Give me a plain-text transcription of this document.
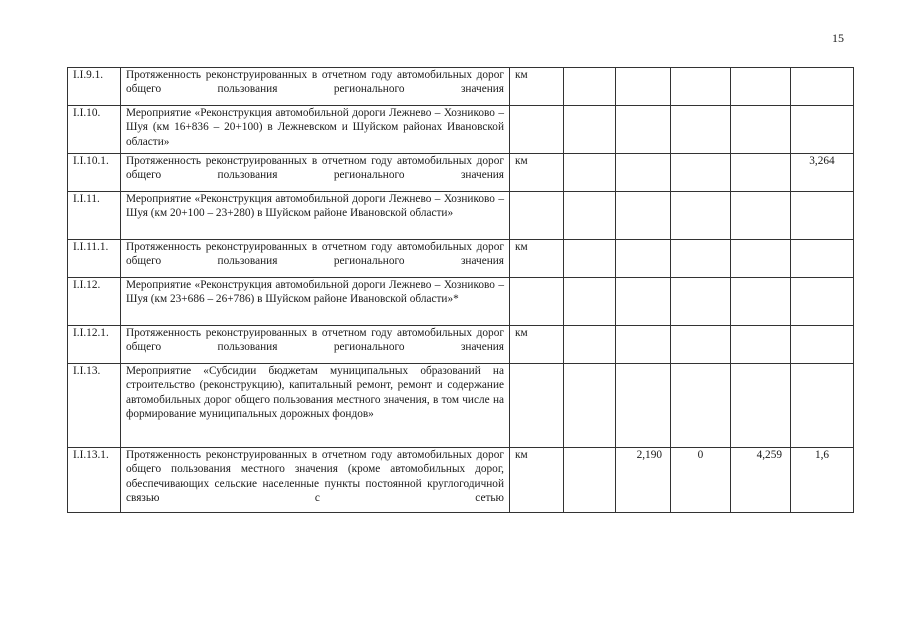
15
I.I.9.1.	Протяженность реконструированных в отчетном году автомобильных дорог общего пользования регионального значения	км						
I.I.10.	Мероприятие «Реконструкция автомобильной дороги Лежнево – Хозниково – Шуя (км 16+836 – 20+100) в Лежневском и Шуйском районах Ивановской области»							
I.I.10.1.	Протяженность реконструированных в отчетном году автомобильных дорог общего пользования регионального значения	км					3,264	
I.I.11.	Мероприятие «Реконструкция автомобильной дороги Лежнево – Хозниково – Шуя (км 20+100 – 23+280) в Шуйском районе Ивановской области»							
I.I.11.1.	Протяженность реконструированных в отчетном году автомобильных дорог общего пользования регионального значения	км						
I.I.12.	Мероприятие «Реконструкция автомобильной дороги Лежнево – Хозниково – Шуя (км 23+686 – 26+786) в Шуйском районе Ивановской области»*							
I.I.12.1.	Протяженность реконструированных в отчетном году автомобильных дорог общего пользования регионального значения	км						
I.I.13.	Мероприятие «Субсидии бюджетам муниципальных образований на строительство (реконструкцию), капитальный ремонт, ремонт и содержание автомобильных дорог общего пользования местного значения, в том числе на формирование муниципальных дорожных фондов»							
I.I.13.1.	Протяженность реконструированных в отчетном году автомобильных дорог общего пользования местного значения (кроме автомобильных дорог, обеспечивающих сельские населенные пункты постоянной круглогодичной связью с сетью	км		2,190	0	4,259	1,6	
